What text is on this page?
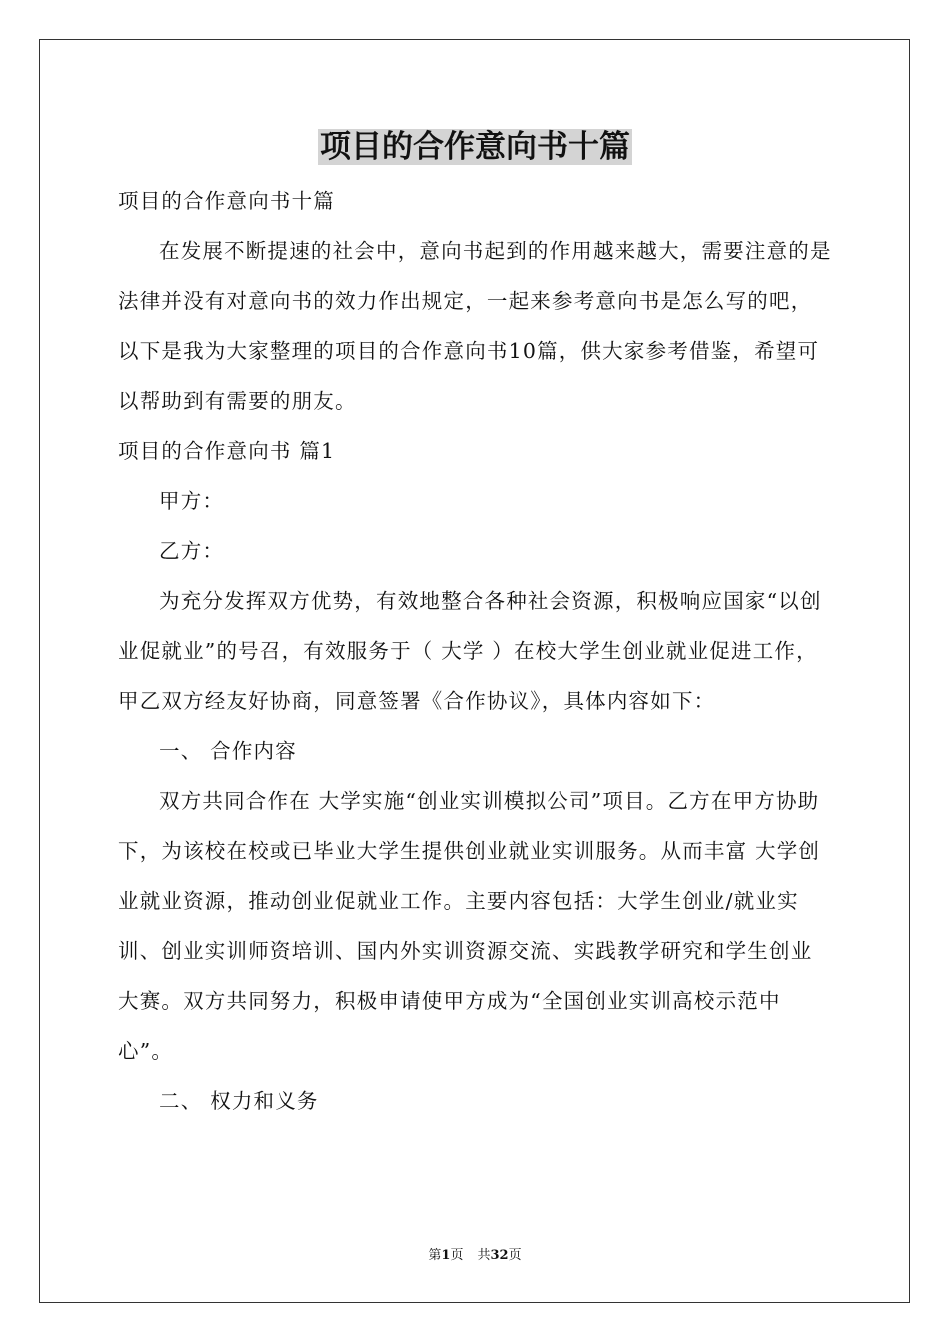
项目的合作意向书十篇

项目的合作意向书十篇

在发展不断提速的社会中，意向书起到的作用越来越大，需要注意的是法律并没有对意向书的效力作出规定，一起来参考意向书是怎么写的吧，以下是我为大家整理的项目的合作意向书10篇，供大家参考借鉴，希望可以帮助到有需要的朋友。

项目的合作意向书 篇1

甲方：

乙方：

为充分发挥双方优势，有效地整合各种社会资源，积极响应国家“以创业促就业”的号召，有效服务于（ 大学 ）在校大学生创业就业促进工作，甲乙双方经友好协商，同意签署《合作协议》，具体内容如下：

一、 合作内容

双方共同合作在 大学实施“创业实训模拟公司”项目。乙方在甲方协助下，为该校在校或已毕业大学生提供创业就业实训服务。从而丰富 大学创业就业资源，推动创业促就业工作。主要内容包括：大学生创业/就业实训、创业实训师资培训、国内外实训资源交流、实践教学研究和学生创业大赛。双方共同努力，积极申请使甲方成为“全国创业实训高校示范中心”。

二、 权力和义务

第1页 共32页
